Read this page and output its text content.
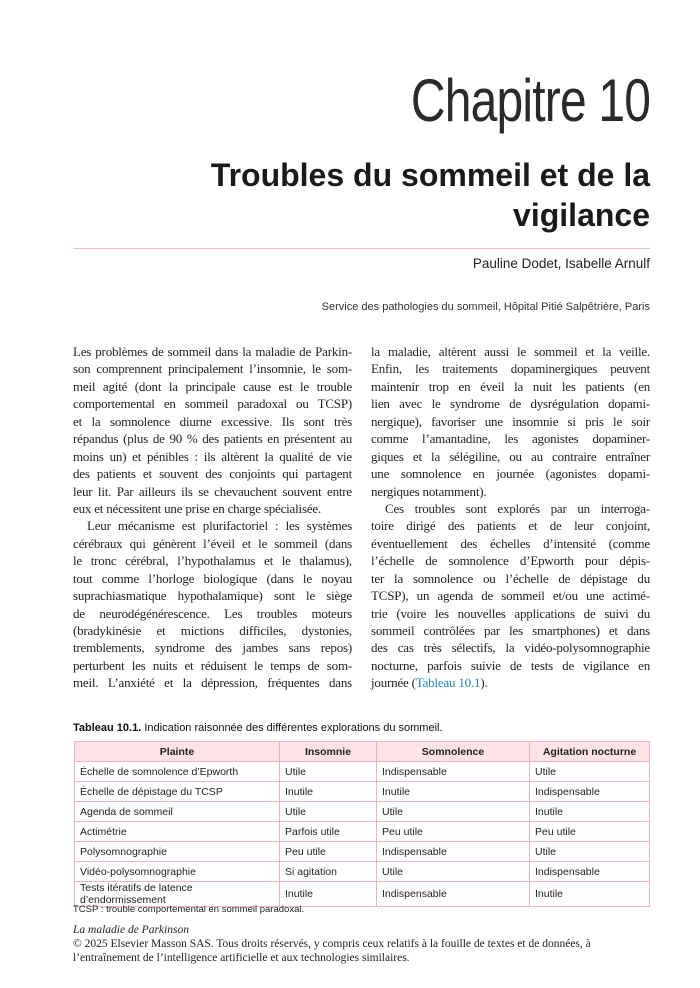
Chapitre 10
Troubles du sommeil et de la
vigilance
Pauline Dodet, Isabelle Arnulf
Service des pathologies du sommeil, Hôpital Pitié Salpêtrière, Paris
Les problèmes de sommeil dans la maladie de Parkin-
son comprennent principalement l’insomnie, le som-
meil agité (dont la principale cause est le trouble
comportemental en sommeil paradoxal ou TCSP)
et la somnolence diurne excessive. Ils sont très
répandus (plus de 90 % des patients en présentent au
moins un) et pénibles : ils altèrent la qualité de vie
des patients et souvent des conjoints qui partagent
leur lit. Par ailleurs ils se chevauchent souvent entre
eux et nécessitent une prise en charge spécialisée.
Leur mécanisme est plurifactoriel : les systèmes
cérébraux qui génèrent l’éveil et le sommeil (dans
le tronc cérébral, l’hypothalamus et le thalamus),
tout comme l’horloge biologique (dans le noyau
suprachiasmatique hypothalamique) sont le siège
de neurodégénérescence. Les troubles moteurs
(bradykinésie et mictions difficiles, dystonies,
tremblements, syndrome des jambes sans repos)
perturbent les nuits et réduisent le temps de som-
meil. L’anxiété et la dépression, fréquentes dans
la maladie, altèrent aussi le sommeil et la veille.
Enfin, les traitements dopaminergiques peuvent
maintenir trop en éveil la nuit les patients (en
lien avec le syndrome de dysrégulation dopami-
nergique), favoriser une insomnie si pris le soir
comme l’amantadine, les agonistes dopaminer-
giques et la sélégiline, ou au contraire entraîner
une somnolence en journée (agonistes dopami-
nergiques notamment).
Ces troubles sont explorés par un interroga-
toire dirigé des patients et de leur conjoint,
éventuellement des échelles d’intensité (comme
l’échelle de somnolence d’Epworth pour dépis-
ter la somnolence ou l’échelle de dépistage du
TCSP), un agenda de sommeil et/ou une actimé-
trie (voire les nouvelles applications de suivi du
sommeil contrôlées par les smartphones) et dans
des cas très sélectifs, la vidéo-polysomnographie
nocturne, parfois suivie de tests de vigilance en
journée (Tableau 10.1).
Tableau 10.1. Indication raisonnée des différentes explorations du sommeil.
Plainte	Insomnie	Somnolence	Agitation nocturne
Échelle de somnolence d’Epworth	Utile	Indispensable	Utile
Échelle de dépistage du TCSP	Inutile	Inutile	Indispensable
Agenda de sommeil	Utile	Utile	Inutile
Actimétrie	Parfois utile	Peu utile	Peu utile
Polysomnographie	Peu utile	Indispensable	Utile
Vidéo-polysomnographie	Si agitation	Utile	Indispensable
Tests itératifs de latence d’endormissement	Inutile	Indispensable	Inutile
TCSP : trouble comportemental en sommeil paradoxal.
La maladie de Parkinson
© 2025 Elsevier Masson SAS. Tous droits réservés, y compris ceux relatifs à la fouille de textes et de données, à l’entraînement de l’intelligence artificielle et aux technologies similaires.
